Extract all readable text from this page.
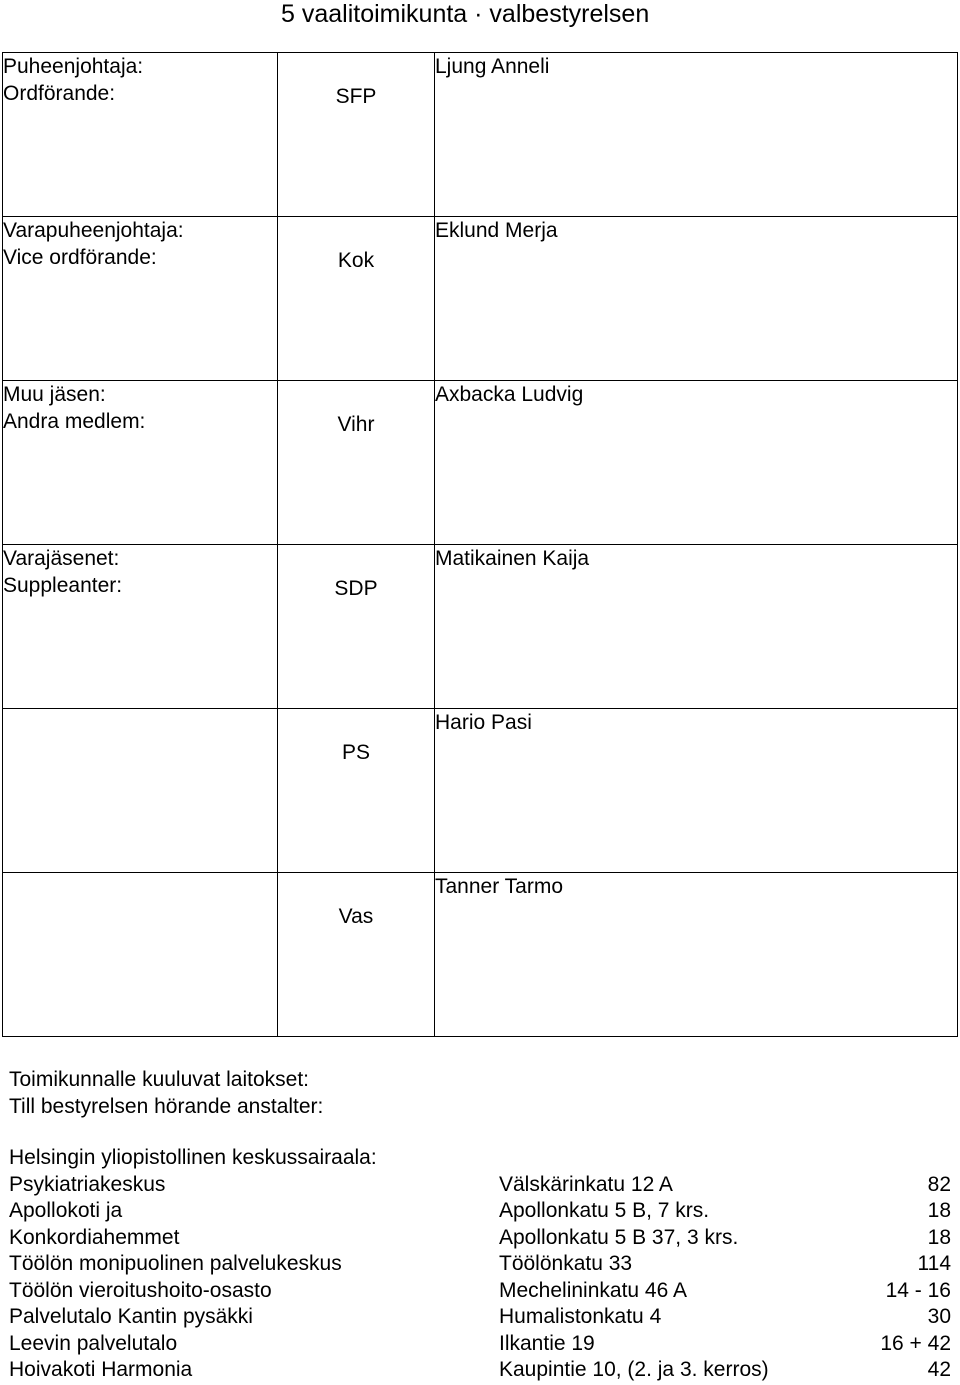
5 vaalitoimikunta · valbestyrelsen
Puheenjohtaja:
Ordförande:	SFP	Ljung Anneli

Varapuheenjohtaja:
Vice ordförande:	Kok	Eklund Merja

Muu jäsen:
Andra medlem:	Vihr	Axbacka Ludvig

Varajäsenet:
Suppleanter:	SDP	Matikainen Kaija

	PS	Hario Pasi

	Vas	Tanner Tarmo
Toimikunnalle kuuluvat laitokset:
Till bestyrelsen hörande anstalter:
Helsingin yliopistollinen keskussairaala:
Psykiatriakeskus	Välskärinkatu 12 A	82
Apollokoti ja	Apollonkatu 5 B, 7 krs.	18
Konkordiahemmet	Apollonkatu 5 B 37, 3 krs.	18
Töölön monipuolinen palvelukeskus	Töölönkatu 33	114
Töölön vieroitushoito-osasto	Mechelininkatu 46 A	14 - 16
Palvelutalo Kantin pysäkki	Humalistonkatu 4	30
Leevin palvelutalo	Ilkantie 19	16 + 42
Hoivakoti Harmonia	Kaupintie 10, (2. ja 3. kerros)	42
